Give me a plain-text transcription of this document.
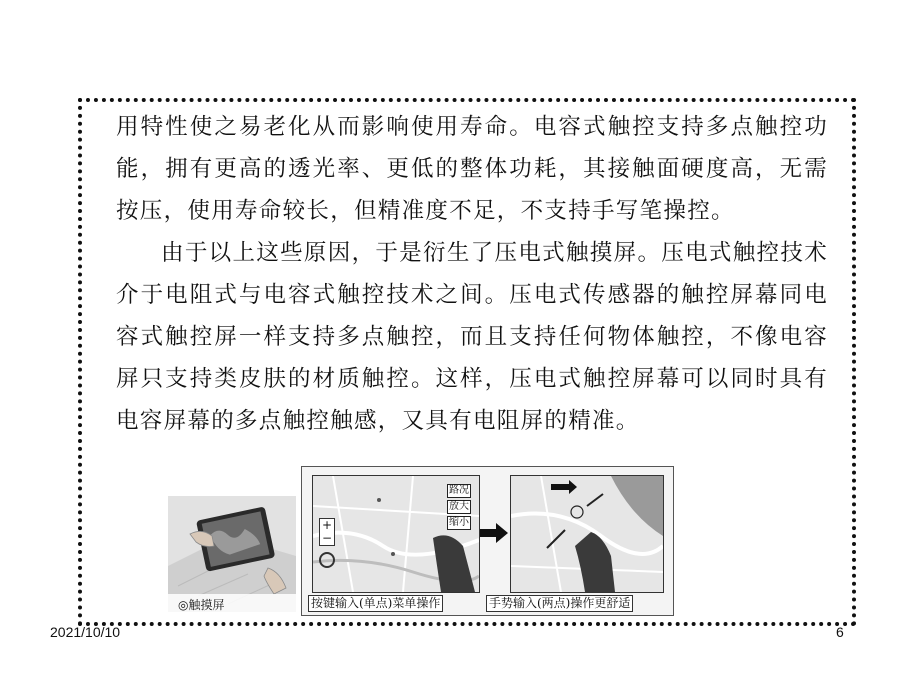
用特性使之易老化从而影响使用寿命。电容式触控支持多点触控功能，拥有更高的透光率、更低的整体功耗，其接触面硬度高，无需按压，使用寿命较长，但精准度不足，不支持手写笔操控。

由于以上这些原因，于是衍生了压电式触摸屏。压电式触控技术介于电阻式与电容式触控技术之间。压电式传感器的触控屏幕同电容式触控屏一样支持多点触控，而且支持任何物体触控，不像电容屏只支持类皮肤的材质触控。这样，压电式触控屏幕可以同时具有电容屏幕的多点触控触感，又具有电阻屏的精准。

◎触摸屏
+
−
路况
放大
缩小
按键输入(单点)菜单操作	手势输入(两点)操作更舒适
2021/10/10	6
